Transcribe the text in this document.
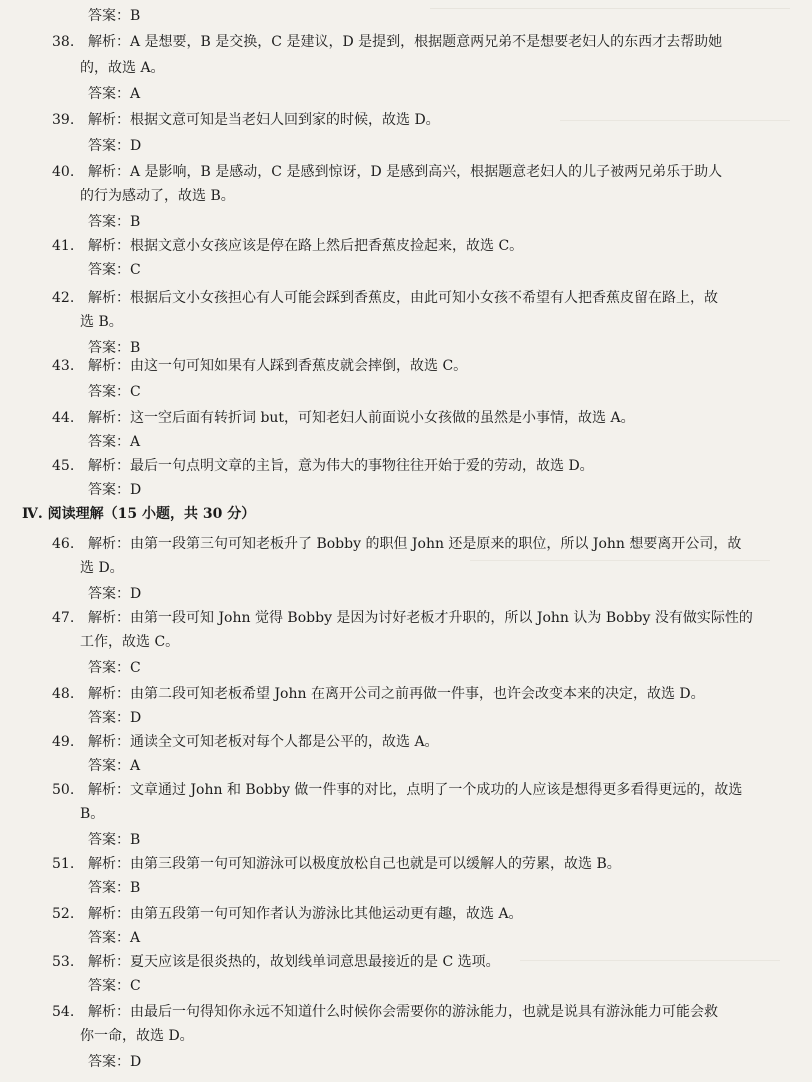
答案：B
38. 解析：A 是想要，B 是交换，C 是建议，D 是提到，根据题意两兄弟不是想要老妇人的东西才去帮助她
的，故选 A。
答案：A
39. 解析：根据文意可知是当老妇人回到家的时候，故选 D。
答案：D
40. 解析：A 是影响，B 是感动，C 是感到惊讶，D 是感到高兴，根据题意老妇人的儿子被两兄弟乐于助人
的行为感动了，故选 B。
答案：B
41. 解析：根据文意小女孩应该是停在路上然后把香蕉皮捡起来，故选 C。
答案：C
42. 解析：根据后文小女孩担心有人可能会踩到香蕉皮，由此可知小女孩不希望有人把香蕉皮留在路上，故
选 B。
答案：B
43. 解析：由这一句可知如果有人踩到香蕉皮就会摔倒，故选 C。
答案：C
44. 解析：这一空后面有转折词 but，可知老妇人前面说小女孩做的虽然是小事情，故选 A。
答案：A
45. 解析：最后一句点明文章的主旨，意为伟大的事物往往开始于爱的劳动，故选 D。
答案：D
Ⅳ. 阅读理解（15 小题，共 30 分）
46. 解析：由第一段第三句可知老板升了 Bobby 的职但 John 还是原来的职位，所以 John 想要离开公司，故
选 D。
答案：D
47. 解析：由第一段可知 John 觉得 Bobby 是因为讨好老板才升职的，所以 John 认为 Bobby 没有做实际性的
工作，故选 C。
答案：C
48. 解析：由第二段可知老板希望 John 在离开公司之前再做一件事，也许会改变本来的决定，故选 D。
答案：D
49. 解析：通读全文可知老板对每个人都是公平的，故选 A。
答案：A
50. 解析：文章通过 John 和 Bobby 做一件事的对比，点明了一个成功的人应该是想得更多看得更远的，故选
B。
答案：B
51. 解析：由第三段第一句可知游泳可以极度放松自己也就是可以缓解人的劳累，故选 B。
答案：B
52. 解析：由第五段第一句可知作者认为游泳比其他运动更有趣，故选 A。
答案：A
53. 解析：夏天应该是很炎热的，故划线单词意思最接近的是 C 选项。
答案：C
54. 解析：由最后一句得知你永远不知道什么时候你会需要你的游泳能力，也就是说具有游泳能力可能会救
你一命，故选 D。
答案：D
